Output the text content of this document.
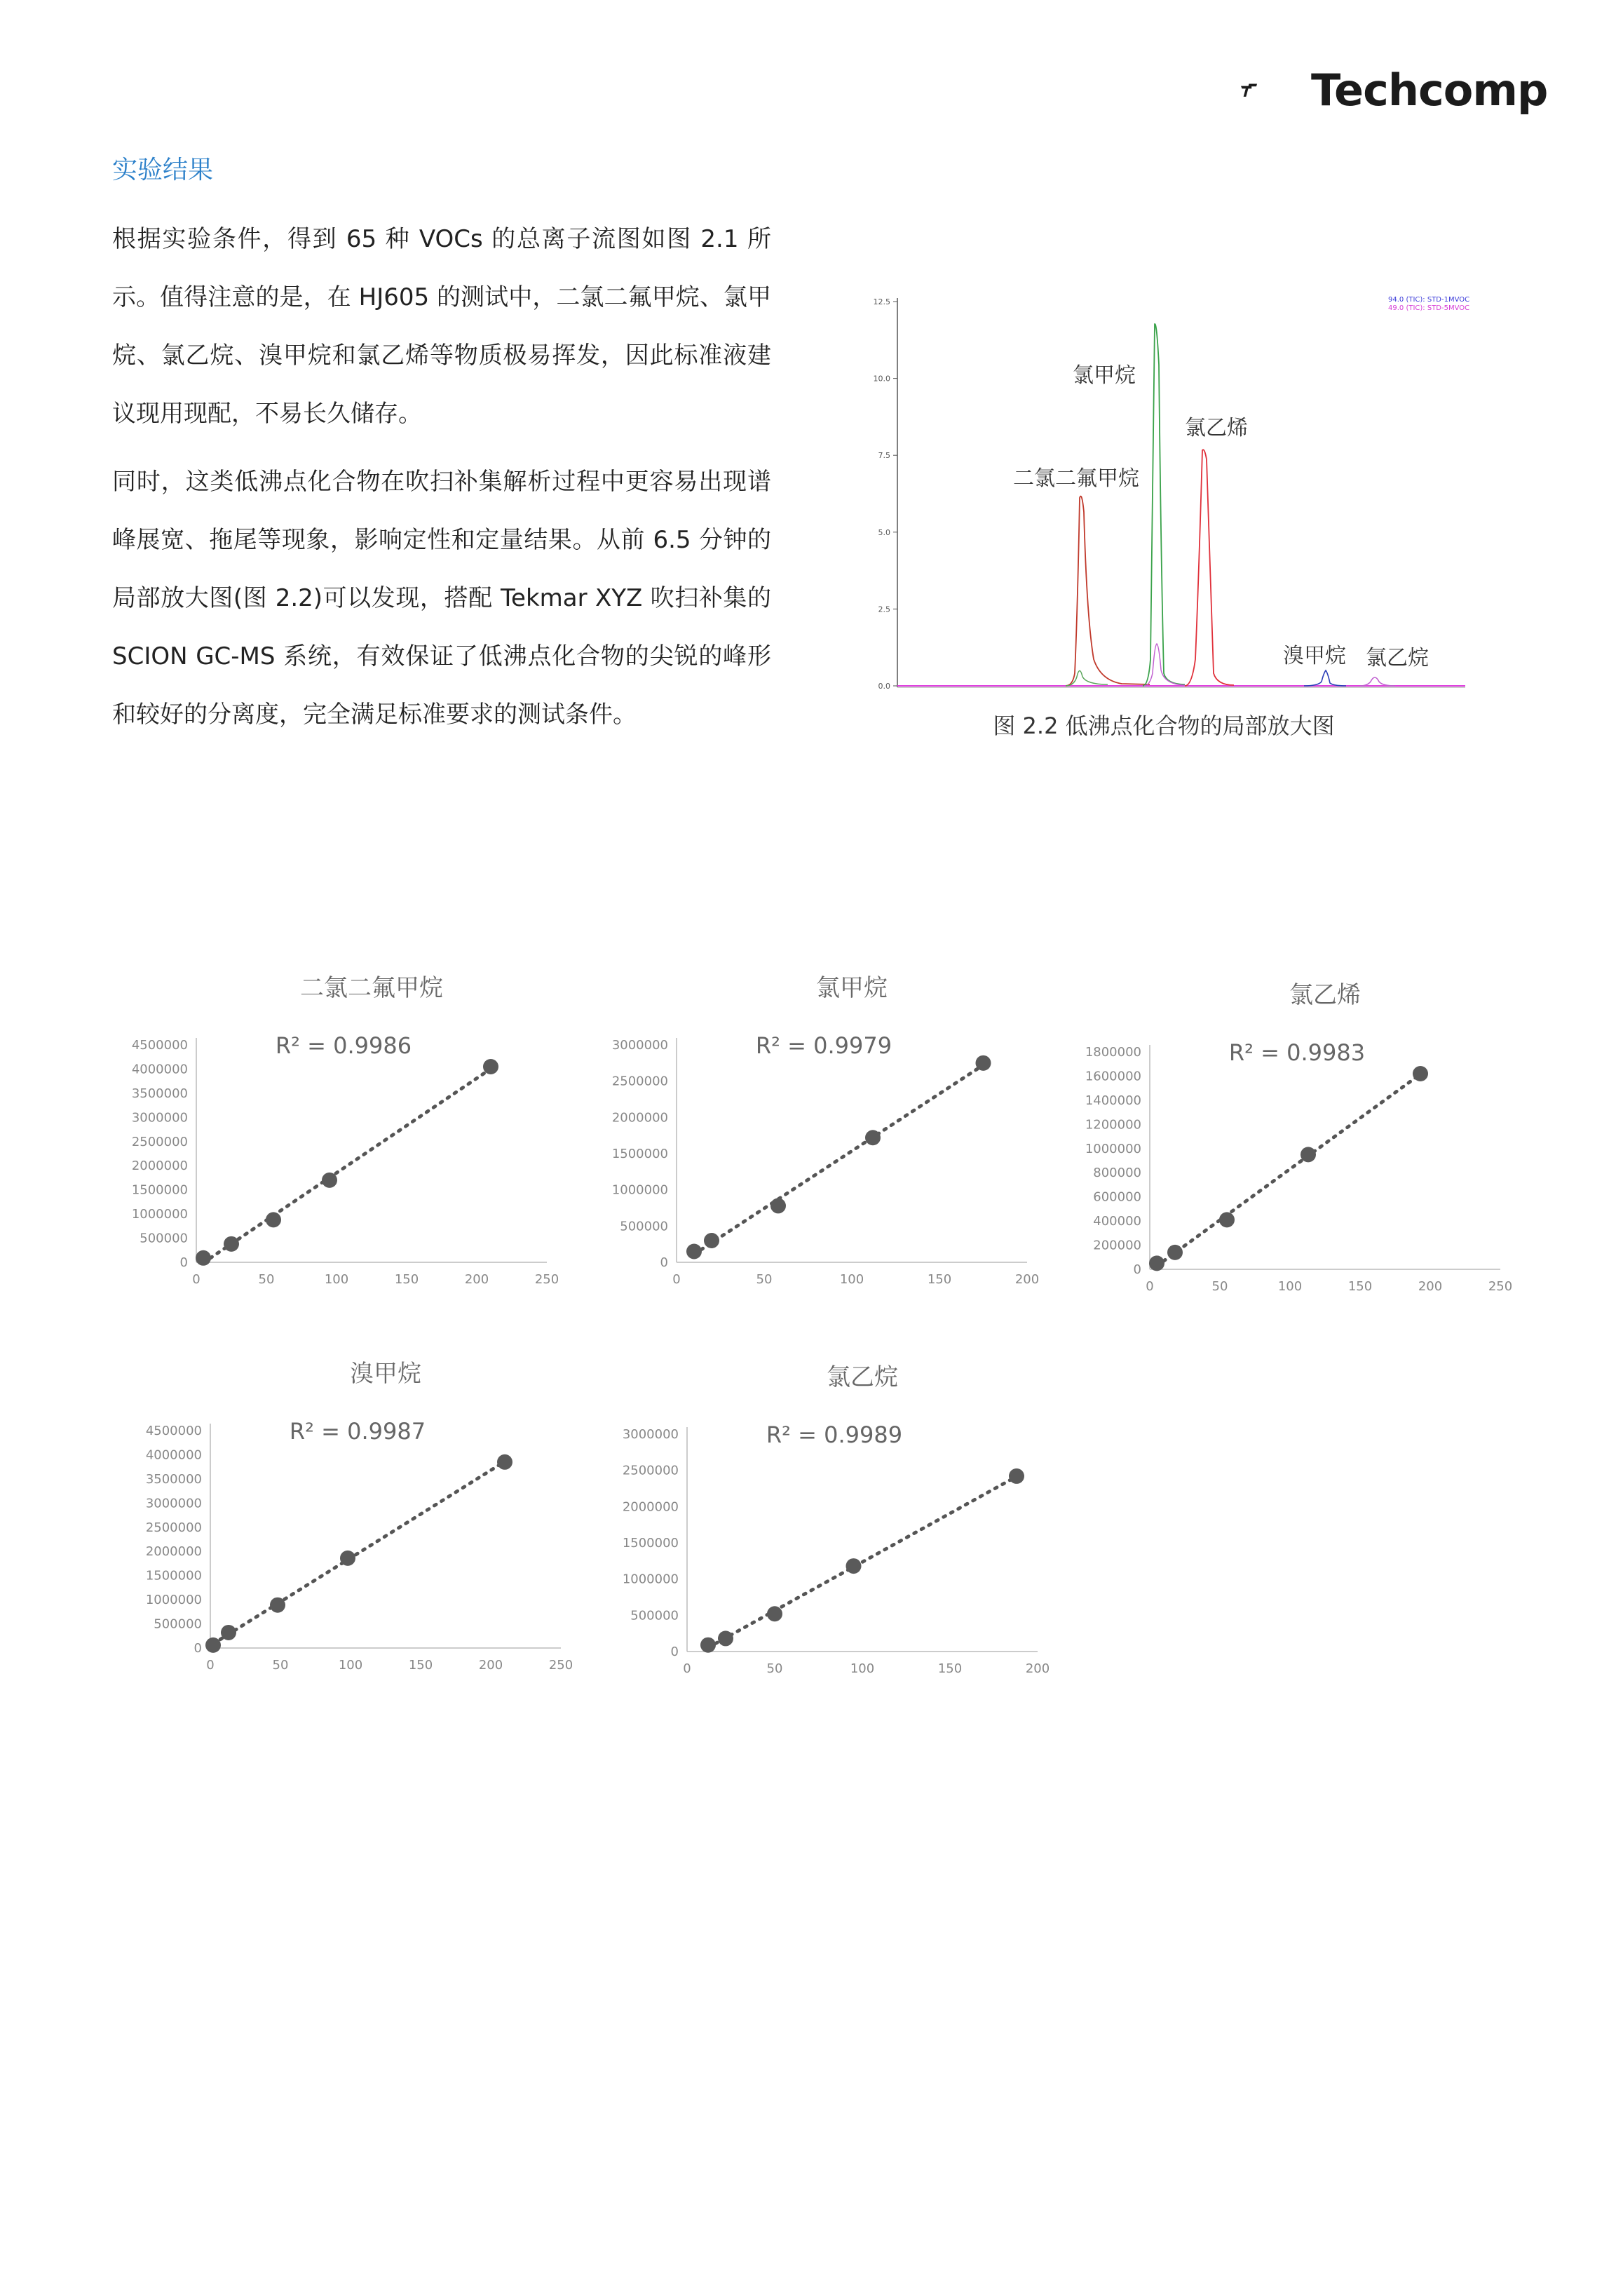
Techcomp
实验结果

根据实验条件，得到 65 种 VOCs 的总离子流图如图 2.1 所示。值得注意的是，在 HJ605 的测试中，二氯二氟甲烷、氯甲烷、氯乙烷、溴甲烷和氯乙烯等物质极易挥发，因此标准液建议现用现配，不易长久储存。

同时，这类低沸点化合物在吹扫补集解析过程中更容易出现谱峰展宽、拖尾等现象，影响定性和定量结果。从前 6.5 分钟的局部放大图(图 2.2)可以发现，搭配 Tekmar XYZ 吹扫补集的 SCION GC-MS 系统，有效保证了低沸点化合物的尖锐的峰形和较好的分离度，完全满足标准要求的测试条件。

12.5
10.0
7.5
5.0
2.5
0.0
94.0 (TIC): STD-1MVOC
49.0 (TIC): STD-5MVOC
氯甲烷
氯乙烯
二氯二氟甲烷
溴甲烷 氯乙烷
图 2.2 低沸点化合物的局部放大图
二氯二氟甲烷
0
500000
1000000
1500000
2000000
2500000
3000000
3500000
4000000
4500000
0	50	100	150	200	250
R² = 0.9986
氯甲烷
0
500000
1000000
1500000
2000000
2500000
3000000
0	50	100	150	200
R² = 0.9979
氯乙烯
0
200000
400000
600000
800000
1000000
1200000
1400000
1600000
1800000
0	50	100	150	200	250
R² = 0.9983
溴甲烷
0
500000
1000000
1500000
2000000
2500000
3000000
3500000
4000000
4500000
0	50	100	150	200	250
R² = 0.9987
氯乙烷
0
500000
1000000
1500000
2000000
2500000
3000000
0	50	100	150	200
R² = 0.9989
